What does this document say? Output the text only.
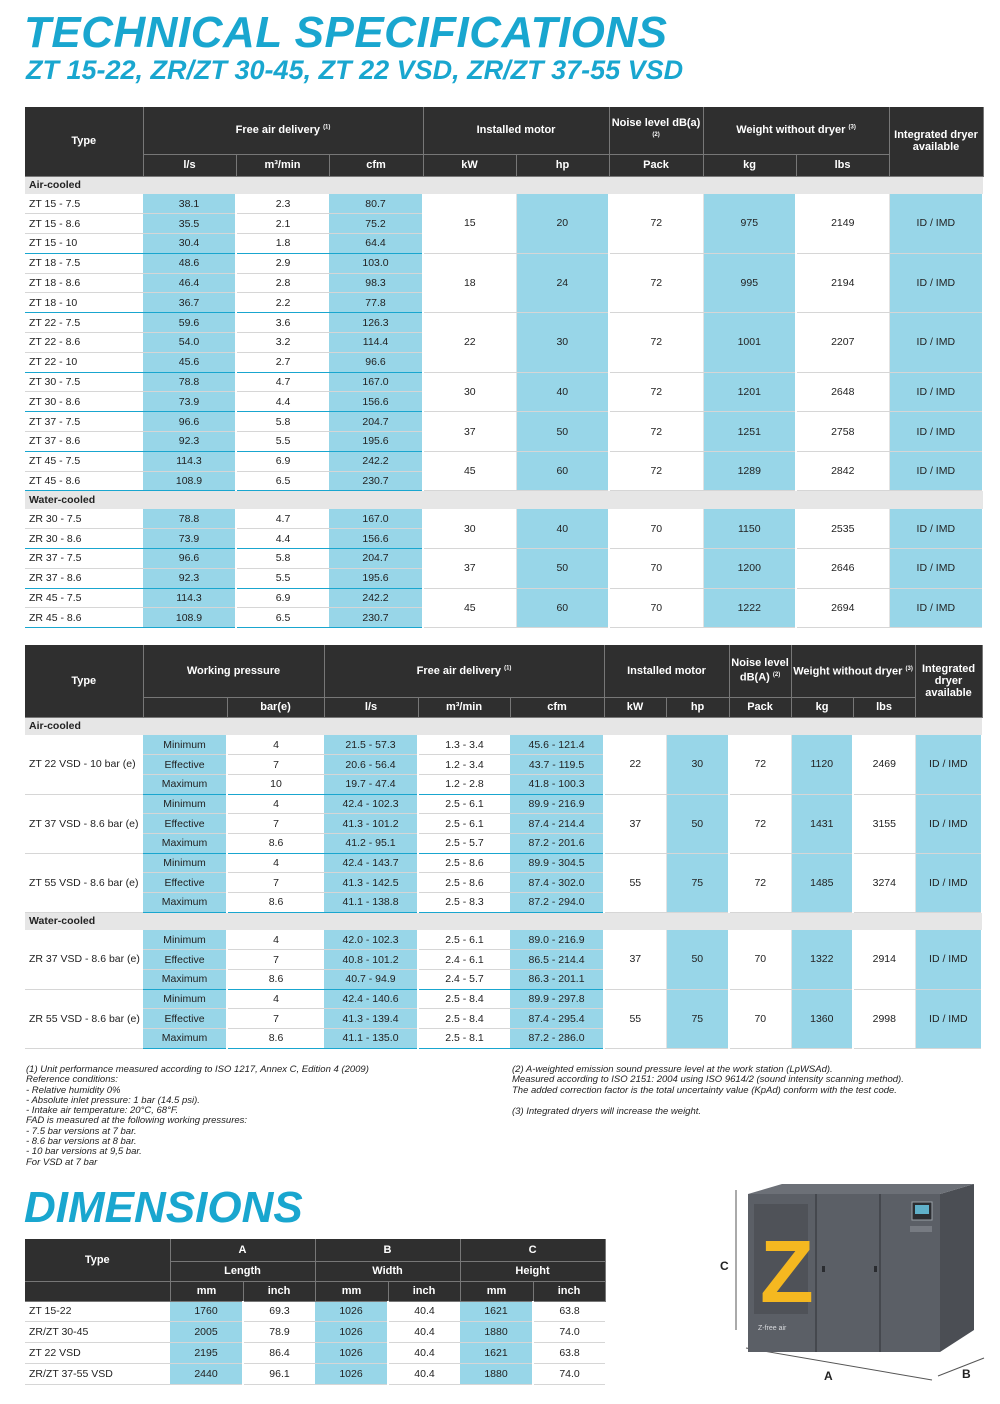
TECHNICAL SPECIFICATIONS
ZT 15-22, ZR/ZT 30-45, ZT 22 VSD, ZR/ZT 37-55 VSD
Type	Free air delivery $^{(1)}$			Installed motor		Noise level dB(a) $^{(2)}$	Weight without dryer $^{(3)}$		Integrated dryer available
	l/s	m³/min	cfm	kW	hp	Pack	kg	lbs	
Air-cooled									
ZT 15 - 7.5	38.1	2.3	80.7	15	20	72	975	2149	ID / IMD
ZT 15 - 8.6	35.5	2.1	75.2						
ZT 15 - 10	30.4	1.8	64.4						
ZT 18 - 7.5	48.6	2.9	103.0	18	24	72	995	2194	ID / IMD
ZT 18 - 8.6	46.4	2.8	98.3						
ZT 18 - 10	36.7	2.2	77.8						
ZT 22 - 7.5	59.6	3.6	126.3	22	30	72	1001	2207	ID / IMD
ZT 22 - 8.6	54.0	3.2	114.4						
ZT 22 - 10	45.6	2.7	96.6						
ZT 30 - 7.5	78.8	4.7	167.0	30	40	72	1201	2648	ID / IMD
ZT 30 - 8.6	73.9	4.4	156.6						
ZT 37 - 7.5	96.6	5.8	204.7	37	50	72	1251	2758	ID / IMD
ZT 37 - 8.6	92.3	5.5	195.6						
ZT 45 - 7.5	114.3	6.9	242.2	45	60	72	1289	2842	ID / IMD
ZT 45 - 8.6	108.9	6.5	230.7						
Water-cooled									
ZR 30 - 7.5	78.8	4.7	167.0	30	40	70	1150	2535	ID / IMD
ZR 30 - 8.6	73.9	4.4	156.6						
ZR 37 - 7.5	96.6	5.8	204.7	37	50	70	1200	2646	ID / IMD
ZR 37 - 8.6	92.3	5.5	195.6						
ZR 45 - 7.5	114.3	6.9	242.2	45	60	70	1222	2694	ID / IMD
ZR 45 - 8.6	108.9	6.5	230.7						
Type	Working pressure		Free air delivery $^{(1)}$			Installed motor		Noise level dB(A) $^{(2)}$	Weight without dryer $^{(3)}$		Integrated dryer available
		bar(e)	l/s	m³/min	cfm	kW	hp	Pack	kg	lbs	
Air-cooled											
ZT 22 VSD - 10 bar (e)	Minimum	4	21.5 - 57.3	1.3 - 3.4	45.6 - 121.4	22	30	72	1120	2469	ID / IMD
	Effective	7	20.6 - 56.4	1.2 - 3.4	43.7 - 119.5						
	Maximum	10	19.7 - 47.4	1.2 - 2.8	41.8 - 100.3						
ZT 37 VSD - 8.6 bar (e)	Minimum	4	42.4 - 102.3	2.5 - 6.1	89.9 - 216.9	37	50	72	1431	3155	ID / IMD
	Effective	7	41.3 - 101.2	2.5 - 6.1	87.4 - 214.4						
	Maximum	8.6	41.2 - 95.1	2.5 - 5.7	87.2 - 201.6						
ZT 55 VSD - 8.6 bar (e)	Minimum	4	42.4 - 143.7	2.5 - 8.6	89.9 - 304.5	55	75	72	1485	3274	ID / IMD
	Effective	7	41.3 - 142.5	2.5 - 8.6	87.4 - 302.0						
	Maximum	8.6	41.1 - 138.8	2.5 - 8.3	87.2 - 294.0						
Water-cooled											
ZR 37 VSD - 8.6 bar (e)	Minimum	4	42.0 - 102.3	2.5 - 6.1	89.0 - 216.9	37	50	70	1322	2914	ID / IMD
	Effective	7	40.8 - 101.2	2.4 - 6.1	86.5 - 214.4						
	Maximum	8.6	40.7 - 94.9	2.4 - 5.7	86.3 - 201.1						
ZR 55 VSD - 8.6 bar (e)	Minimum	4	42.4 - 140.6	2.5 - 8.4	89.9 - 297.8	55	75	70	1360	2998	ID / IMD
	Effective	7	41.3 - 139.4	2.5 - 8.4	87.4 - 295.4						
	Maximum	8.6	41.1 - 135.0	2.5 - 8.1	87.2 - 286.0						
(1) Unit performance measured according to ISO 1217, Annex C, Edition 4 (2009)
Reference conditions:
- Relative humidity 0%
- Absolute inlet pressure: 1 bar (14.5 psi).
- Intake air temperature: 20°C, 68°F.
FAD is measured at the following working pressures:
- 7.5 bar versions at 7 bar.
- 8.6 bar versions at 8 bar.
- 10 bar versions at 9,5 bar.
For VSD at 7 bar
(2) A-weighted emission sound pressure level at the work station (LpWSAd).
Measured according to ISO 2151: 2004 using ISO 9614/2 (sound intensity scanning method).
The added correction factor is the total uncertainty value (KpAd) conform with the test code.
(3) Integrated dryers will increase the weight.
DIMENSIONS
Type	A		B		C	
	Length		Width		Height	
	mm	inch	mm	inch	mm	inch
ZT 15-22	1760	69.3	1026	40.4	1621	63.8
ZR/ZT 30-45	2005	78.9	1026	40.4	1880	74.0
ZT 22 VSD	2195	86.4	1026	40.4	1621	63.8
ZR/ZT 37-55 VSD	2440	96.1	1026	40.4	1880	74.0
C
A	B
Z
Z-free air
